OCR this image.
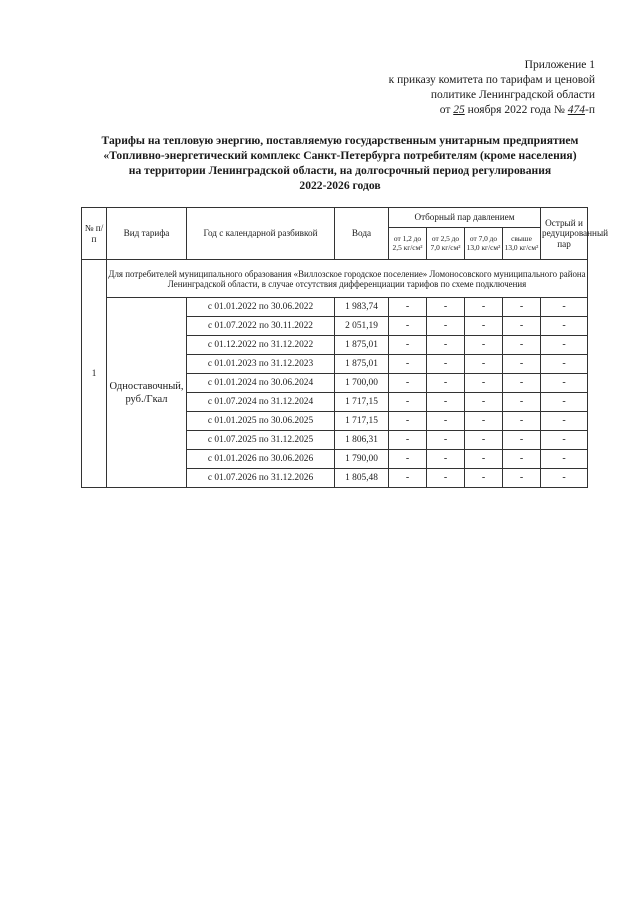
Приложение 1
к приказу комитета по тарифам и ценовой
политике Ленинградской области
от 25 ноября 2022 года № 474-п
Тарифы на тепловую энергию, поставляемую государственным унитарным предприятием
«Топливно-энергетический комплекс Санкт-Петербурга потребителям (кроме населения)
на территории Ленинградской области, на долгосрочный период регулирования
2022-2026 годов
№ п/п	Вид тарифа	Год с календарной разбивкой	Вода	Отборный пар давлением				Острый и редуцированный пар
				от 1,2 до 2,5 кг/см²	от 2,5 до 7,0 кг/см²	от 7,0 до 13,0 кг/см²	свыше 13,0 кг/см²	
1	Для потребителей муниципального образования «Виллозское городское поселение» Ломоносовского муниципального района Ленинградской области, в случае отсутствия дифференциации тарифов по схеме подключения							
	Одноставочный, руб./Гкал	с 01.01.2022 по 30.06.2022	1 983,74	-	-	-	-	-
		с 01.07.2022 по 30.11.2022	2 051,19	-	-	-	-	-
		с 01.12.2022 по 31.12.2022	1 875,01	-	-	-	-	-
		с 01.01.2023 по 31.12.2023	1 875,01	-	-	-	-	-
		с 01.01.2024 по 30.06.2024	1 700,00	-	-	-	-	-
		с 01.07.2024 по 31.12.2024	1 717,15	-	-	-	-	-
		с 01.01.2025 по 30.06.2025	1 717,15	-	-	-	-	-
		с 01.07.2025 по 31.12.2025	1 806,31	-	-	-	-	-
		с 01.01.2026 по 30.06.2026	1 790,00	-	-	-	-	-
		с 01.07.2026 по 31.12.2026	1 805,48	-	-	-	-	-
